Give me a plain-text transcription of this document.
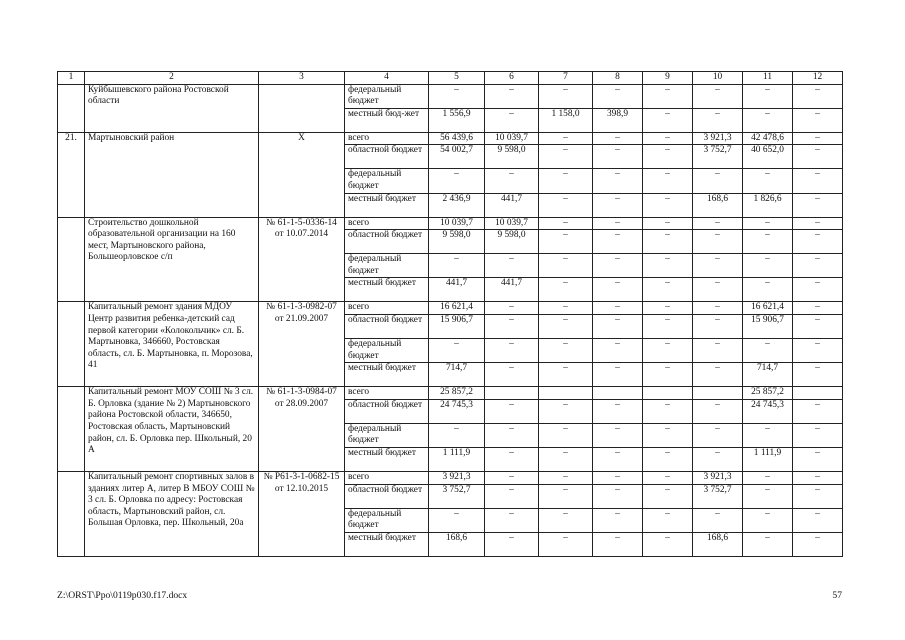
1	2	3	4	5	6	7	8	9	10	11	12
	Куйбышевского района Ростовской области		федеральный бюджет	–	–	–	–	–	–	–	–
			местный бюд-жет	1 556,9	–	1 158,0	398,9	–	–	–	–
21.	Мартыновский район	Х	всего	56 439,6	10 039,7	–	–	–	3 921,3	42 478,6	–
			областной бюджет	54 002,7	9 598,0	–	–	–	3 752,7	40 652,0	–
			федеральный бюджет	–	–	–	–	–	–	–	–
			местный бюджет	2 436,9	441,7	–	–	–	168,6	1 826,6	–
	Строительство дошкольной образовательной организации на 160 мест, Мартыновского района, Большеорловское с/п	№ 61-1-5-0336-14 от 10.07.2014	всего	10 039,7	10 039,7	–	–	–	–	–	–
			областной бюджет	9 598,0	9 598,0	–	–	–	–	–	–
			федеральный бюджет	–	–	–	–	–	–	–	–
			местный бюджет	441,7	441,7	–	–	–	–	–	–
	Капитальный ремонт здания МДОУ Центр развития ребенка-детский сад первой категории «Колокольчик» сл. Б. Мартыновка, 346660, Ростовская область, сл. Б. Мартыновка, п. Морозова, 41	№ 61-1-3-0982-07 от 21.09.2007	всего	16 621,4	–	–	–	–	–	16 621,4	–
			областной бюджет	15 906,7	–	–	–	–	–	15 906,7	–
			федеральный бюджет	–	–	–	–	–	–	–	–
			местный бюджет	714,7	–	–	–	–	–	714,7	–
	Капитальный ремонт МОУ СОШ № 3 сл. Б. Орловка (здание № 2) Мартыновского района Ростовской области, 346650, Ростовская область, Мартыновский район, сл. Б. Орловка пер. Школьный, 20 А	№ 61-1-3-0984-07 от 28.09.2007	всего	25 857,2						25 857,2	
			областной бюджет	24 745,3	–	–	–	–	–	24 745,3	–
			федеральный бюджет	–	–	–	–	–	–	–	–
			местный бюджет	1 111,9	–	–	–	–	–	1 111,9	–
	Капитальный ремонт спортивных залов в зданиях литер А, литер В МБОУ СОШ № 3 сл. Б. Орловка по адресу: Ростовская область, Мартыновский район, сл. Большая Орловка, пер. Школьный, 20а	№ Р61-3-1-0682-15 от 12.10.2015	всего	3 921,3	–	–	–	–	3 921,3	–	–
			областной бюджет	3 752,7	–	–	–	–	3 752,7	–	–
			федеральный бюджет	–	–	–	–	–	–	–	–
			местный бюджет	168,6	–	–	–	–	168,6	–	–
Z:\ORST\Ppo\0119p030.f17.docx	57
